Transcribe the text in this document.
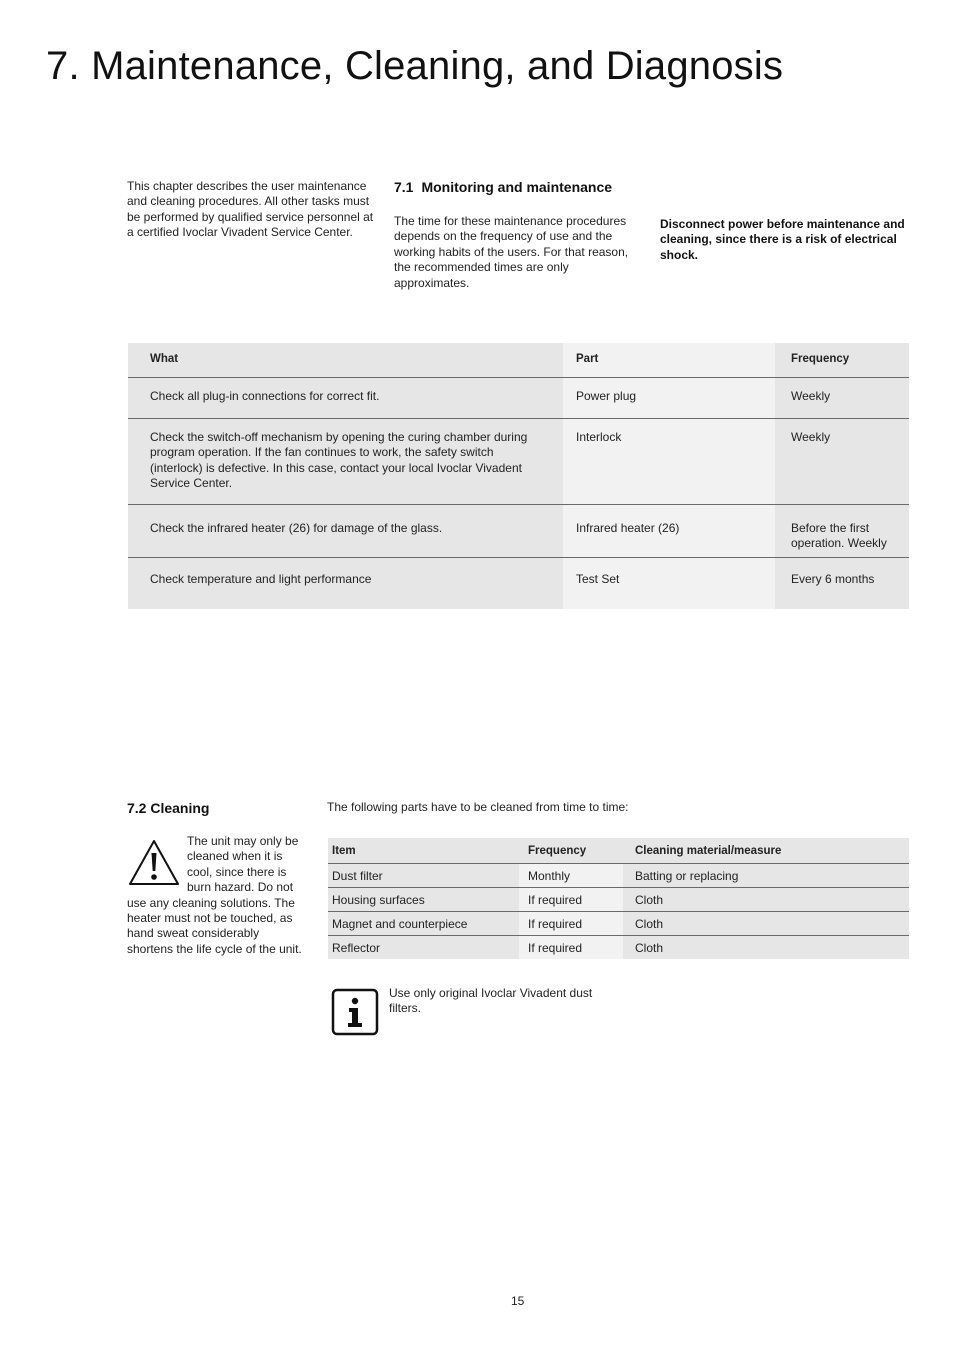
7. Maintenance, Cleaning, and Diagnosis
This chapter describes the user maintenance and cleaning procedures. All other tasks must be performed by qualified service personnel at a certified Ivoclar Vivadent Service Center.
7.1 Monitoring and maintenance
The time for these maintenance procedures depends on the frequency of use and the working habits of the users. For that reason, the recommended times are only approximates.
Disconnect power before maintenance and cleaning, since there is a risk of electrical shock.
What	Part	Frequency
Check all plug-in connections for correct fit.	Power plug	Weekly
Check the switch-off mechanism by opening the curing chamber during program operation. If the fan continues to work, the safety switch (interlock) is defective. In this case, contact your local Ivoclar Vivadent Service Center.	Interlock	Weekly
Check the infrared heater (26) for damage of the glass.	Infrared heater (26)	Before the first operation. Weekly
Check temperature and light performance	Test Set	Every 6 months
7.2 Cleaning
The unit may only be cleaned when it is cool, since there is burn hazard. Do not use any cleaning solutions. The heater must not be touched, as hand sweat considerably shortens the life cycle of the unit.
The following parts have to be cleaned from time to time:
Item	Frequency	Cleaning material/measure
Dust filter	Monthly	Batting or replacing
Housing surfaces	If required	Cloth
Magnet and counterpiece	If required	Cloth
Reflector	If required	Cloth
Use only original Ivoclar Vivadent dust filters.
15
